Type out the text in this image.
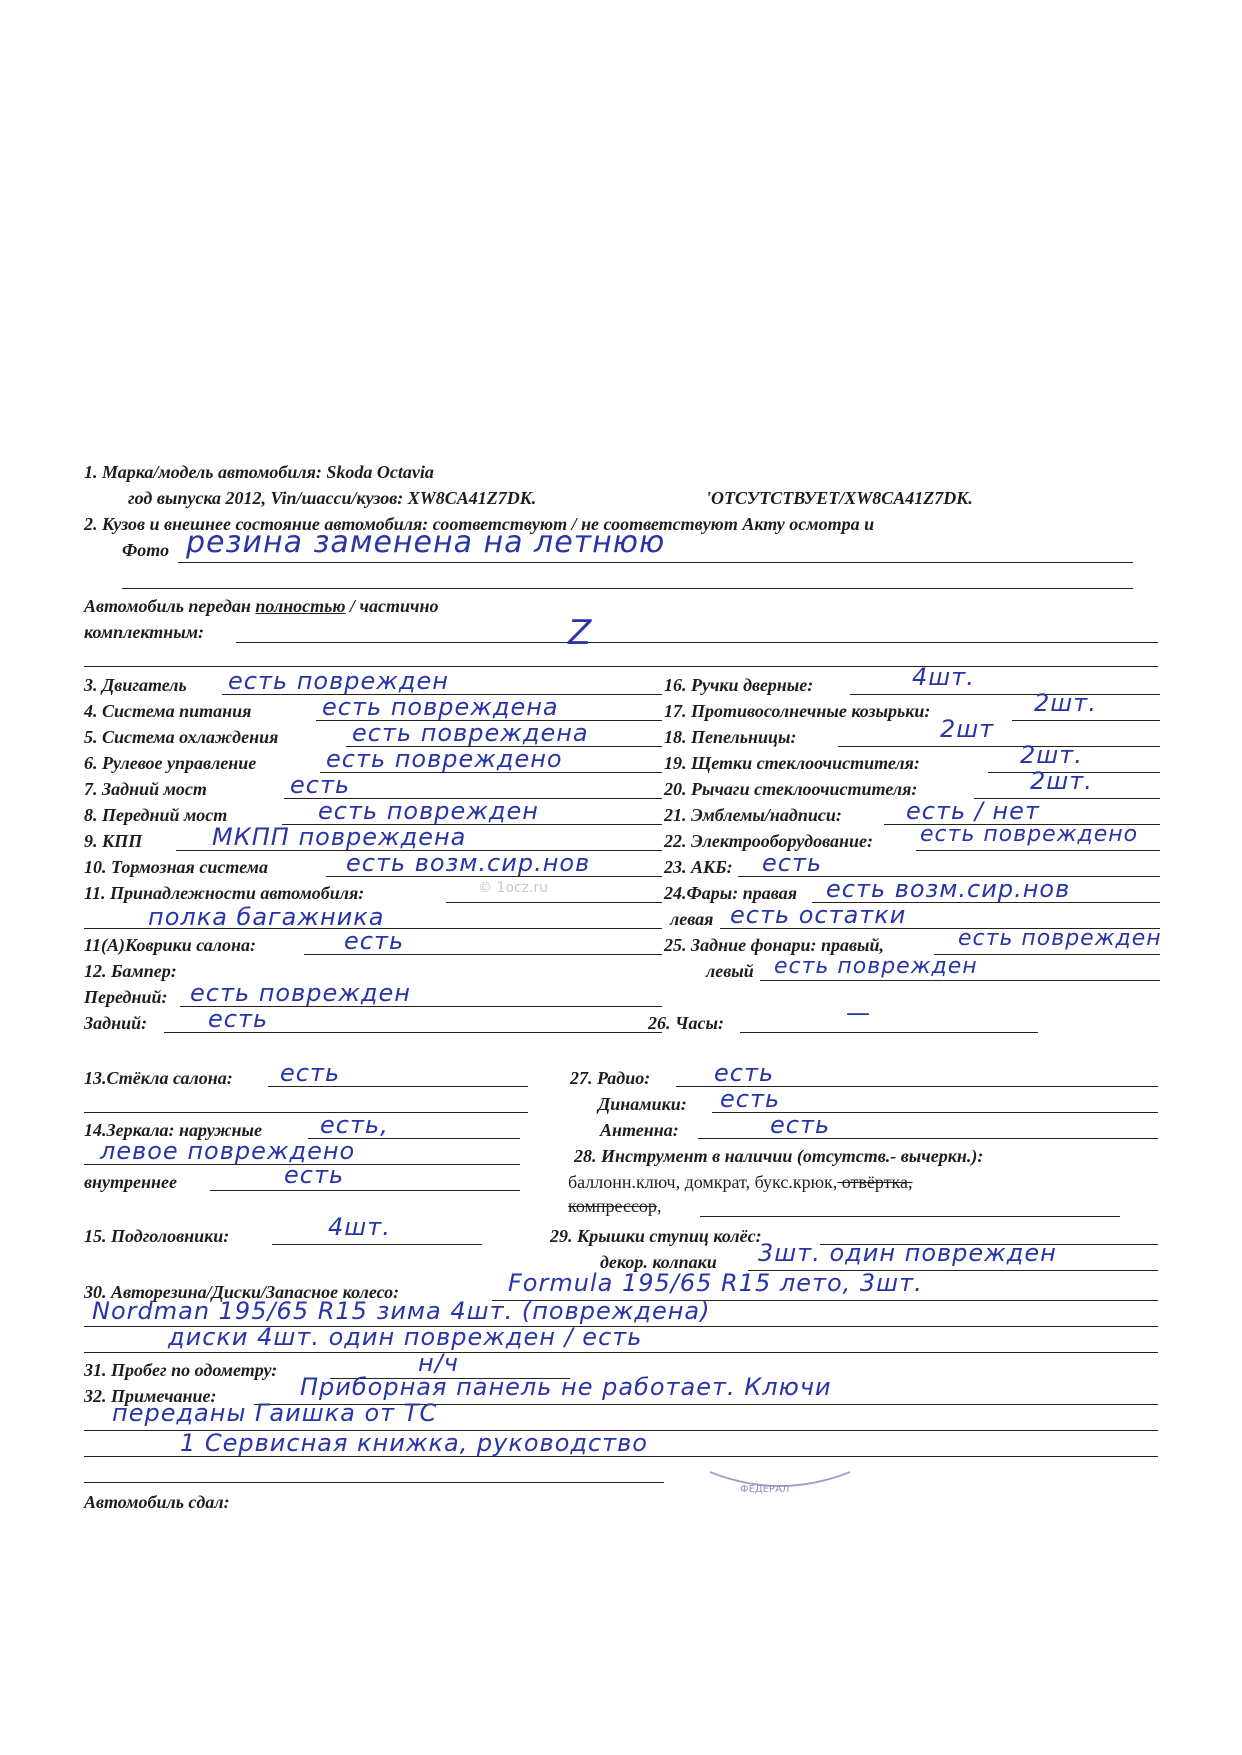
1. Марка/модель автомобиля: Skoda Octavia
год выпуска 2012, Vin/шасси/кузов: XW8CA41Z7DK.	'ОТСУТСТВУЕТ/XW8CA41Z7DK.
2. Кузов и внешнее состояние автомобиля: соответствуют / не соответствуют Акту осмотра и
Фото резина заменена на летнюю
Автомобиль передан полностью / частично
комплектным:	Z
3. Двигатель есть поврежден
4. Система питания	есть поврежденa
5. Система охлаждения	есть повреждена
6. Рулевое управление	есть повреждено
7. Задний мост	есть
8. Передний мост	есть поврежден
9. КПП	МКПП повреждена
10. Тормозная система	есть возм.сир.нов
11. Принадлежности автомобиля:
полка багажника
11(А)Коврики салона:	есть
12. Бампер:
Передний: есть поврежден
Задний:	есть
16. Ручки дверные:	4шт.
17. Противосолнечные козырьки:	2шт.
18. Пепельницы:	2шт
19. Щетки стеклоочистителя:	2шт.
20. Рычаги стеклоочистителя:	2шт.
21. Эмблемы/надписи:	есть / нет
22. Электрооборудование: есть повреждено
23. АКБ: есть
24.Фары: правая есть возм.сир.нов
левая есть остатки
25. Задние фонари: правый,	есть поврежден
левый есть поврежден
26. Часы:	—
13.Стёкла салона: есть	27. Радио:	есть
Динамики: есть
Антенна:	есть
14.Зеркала: наружные есть,
левое повреждено
внутреннее	есть
28. Инструмент в наличии (отсутств.- вычеркн.):
баллонн.ключ, домкрат, букс.крюк, отвёртка,
компрессор,
15. Подголовники:	4шт.	29. Крышки ступиц колёс:
декор. колпаки 3шт. один поврежден
30. Авторезина/Диски/Запасное колесо:	Formula 195/65 R15 лето, 3шт.
Nordman 195/65 R15 зима 4шт. (повреждена)
диски 4шт. один поврежден / есть
31. Пробег по одометру:	н/ч
32. Примечание:	Приборная панель не работает. Ключи
переданы Гаишка от ТС
1 Сервисная книжка, руководство
ФЕДЕРАЛ
Автомобиль сдал:
© 1ocz.ru
